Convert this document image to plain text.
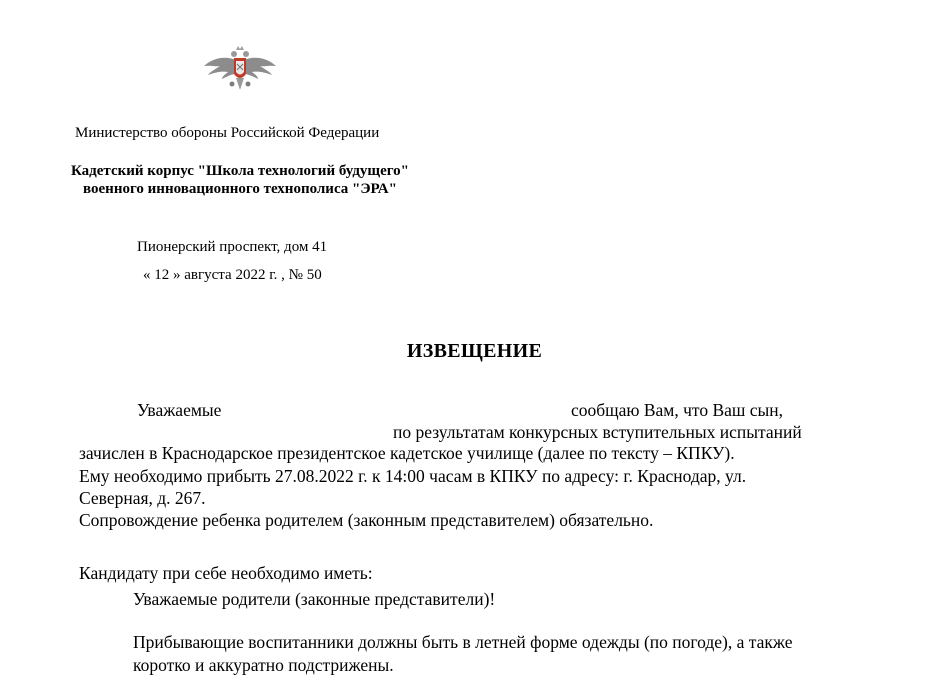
Министерство обороны Российской Федерации
Кадетский корпус "Школа технологий будущего"
военного инновационного технополиса "ЭРА"
Пионерский проспект, дом 41
« 12 » августа 2022 г. , № 50
ИЗВЕЩЕНИЕ
Уважаемые	сообщаю Вам, что Ваш сын,
по результатам конкурсных вступительных испытаний
зачислен в Краснодарское президентское кадетское училище (далее по тексту – КПКУ).
Ему необходимо прибыть 27.08.2022 г. к 14:00 часам в КПКУ по адресу: г. Краснодар, ул.
Северная, д. 267.
Сопровождение ребенка родителем (законным представителем) обязательно.
Кандидату при себе необходимо иметь:
Уважаемые родители (законные представители)!
Прибывающие воспитанники должны быть в летней форме одежды (по погоде), а также
коротко и аккуратно подстрижены.
